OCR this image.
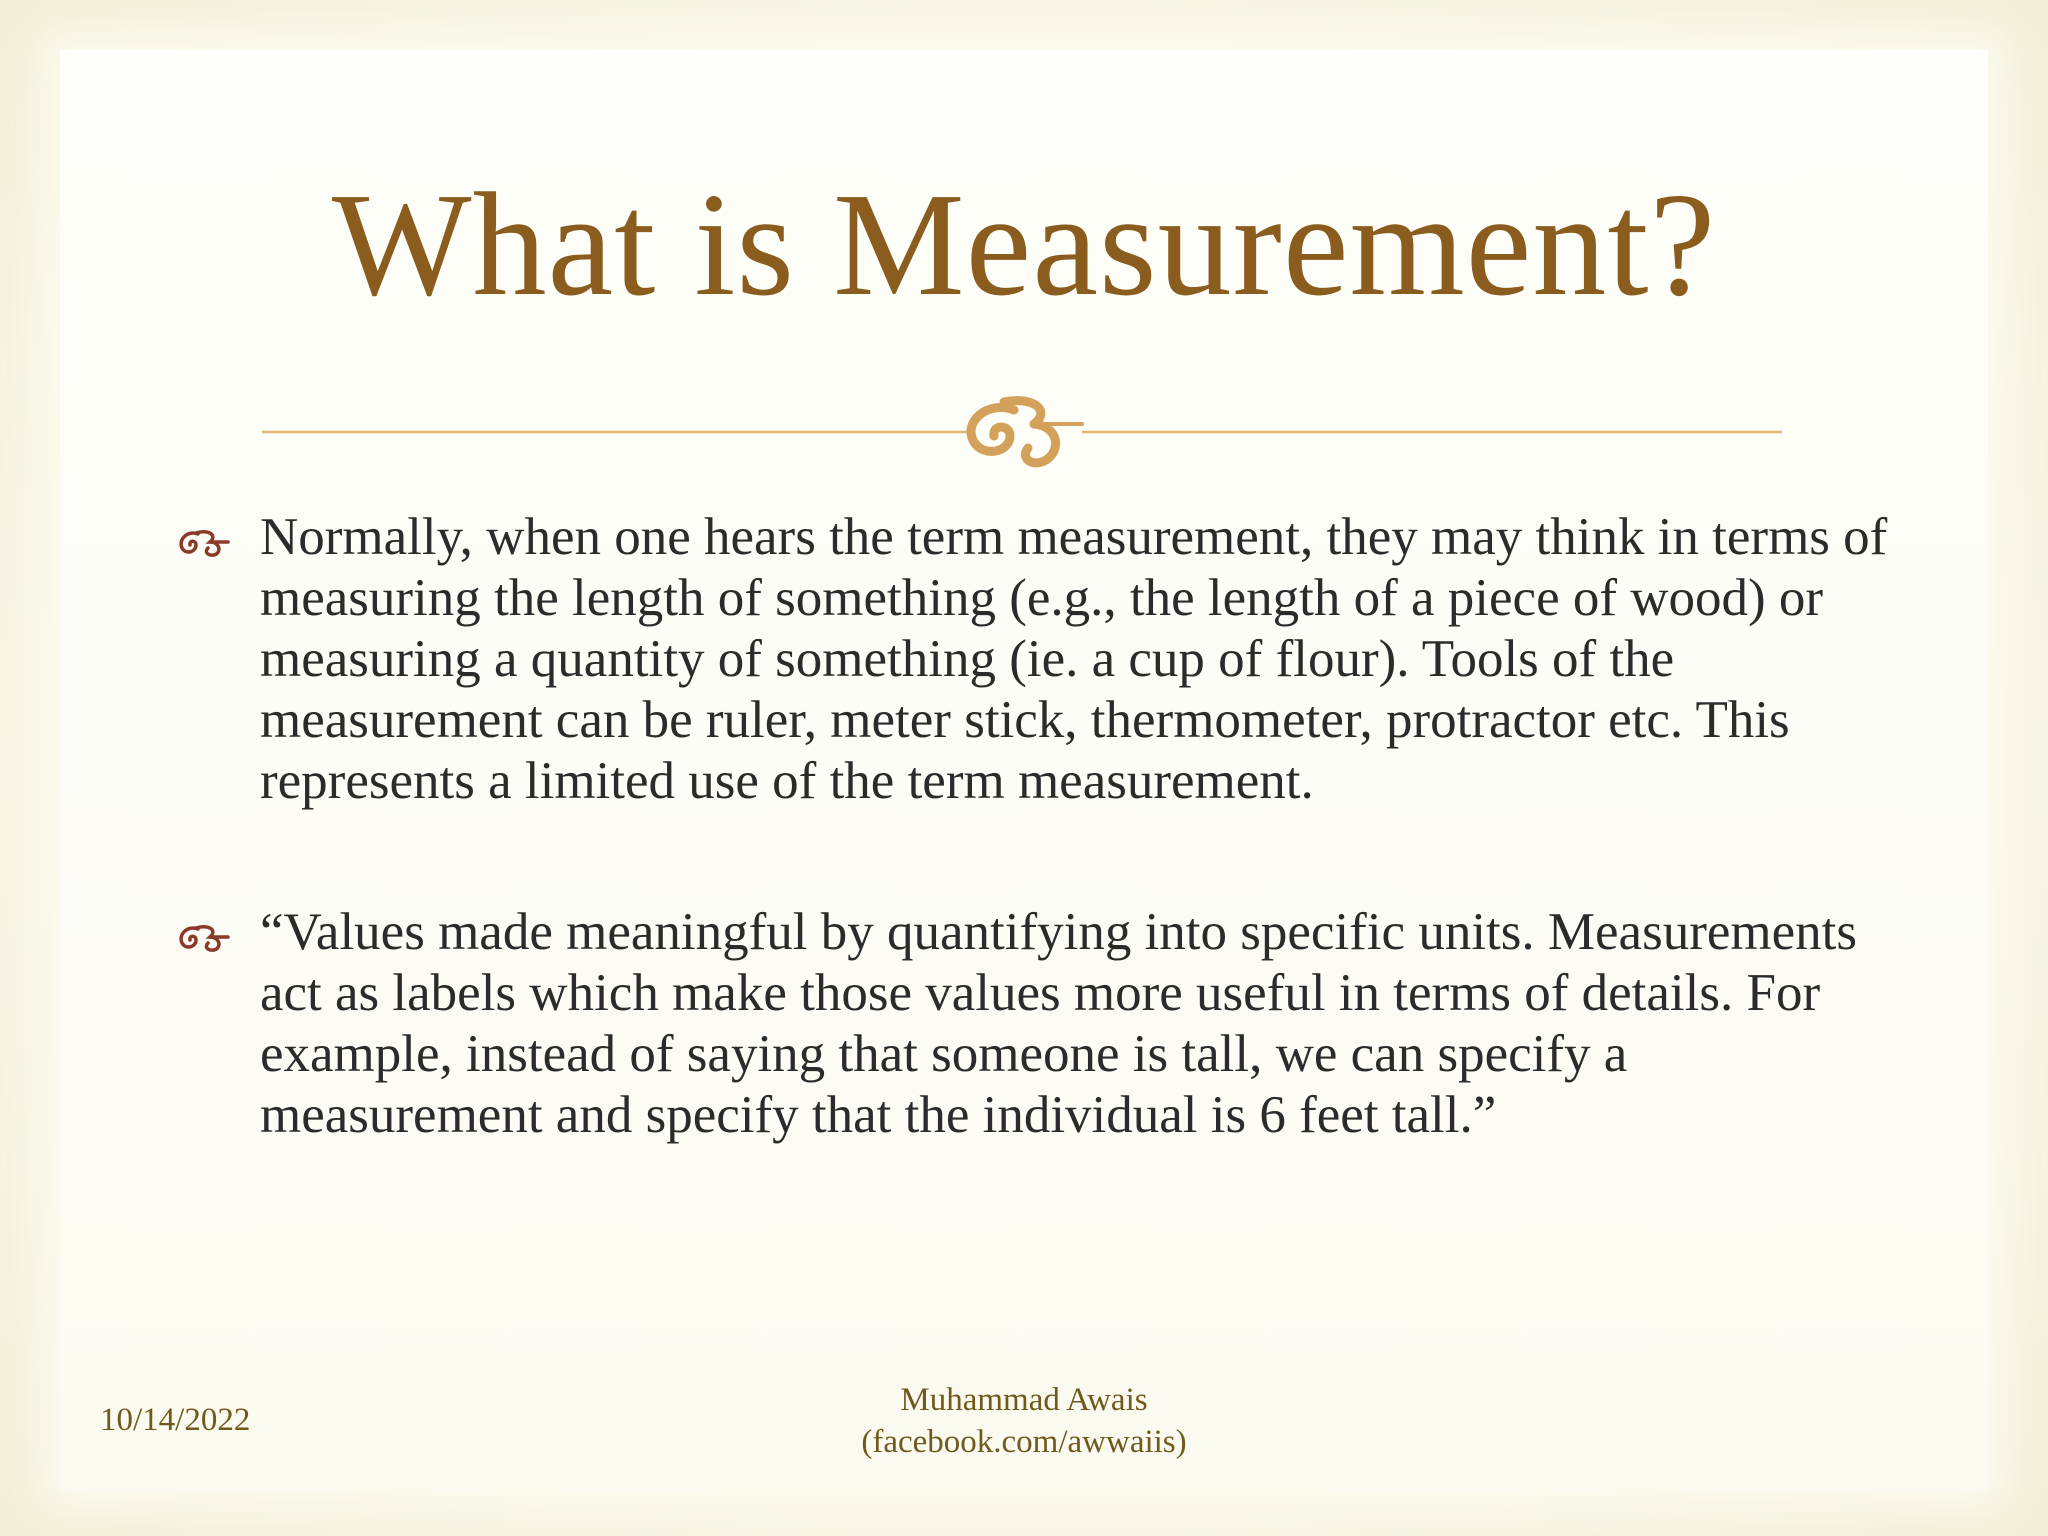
What is Measurement?
Normally, when one hears the term measurement, they may think in terms of measuring the length of something (e.g., the length of a piece of wood) or measuring a quantity of something (ie. a cup of flour). Tools of the measurement can be ruler, meter stick, thermometer, protractor etc. This represents a limited use of the term measurement.
“Values made meaningful by quantifying into specific units. Measurements act as labels which make those values more useful in terms of details. For example, instead of saying that someone is tall, we can specify a measurement and specify that the individual is 6 feet tall.”
10/14/2022
Muhammad Awais
(facebook.com/awwaiis)
